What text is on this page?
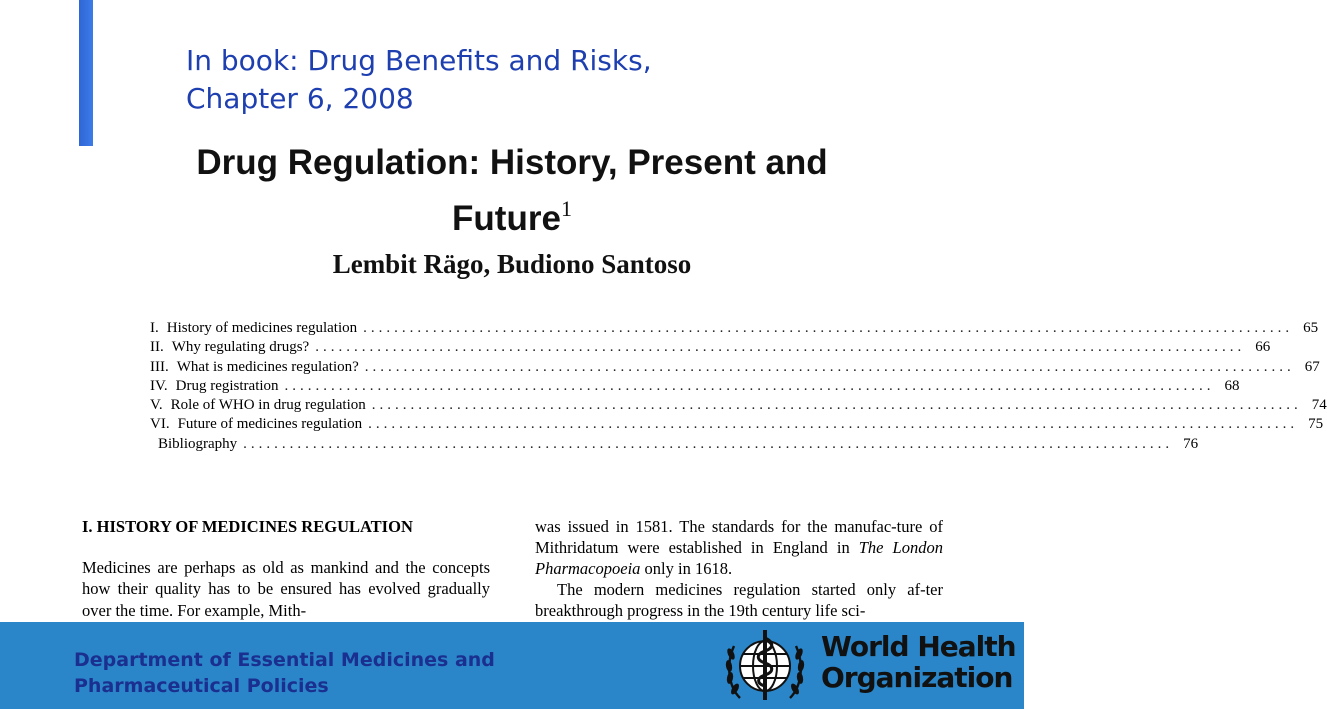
In book: Drug Benefits and Risks,
Chapter 6, 2008
Drug Regulation: History, Present and
Future$^1$
Lembit Rägo, Budiono Santoso
I. History of medicines regulation ........................................................................................................................ 65
II. Why regulating drugs? ........................................................................................................................ 66
III. What is medicines regulation? ........................................................................................................................ 67
IV. Drug registration ........................................................................................................................ 68
V. Role of WHO in drug regulation ........................................................................................................................ 74
VI. Future of medicines regulation ........................................................................................................................ 75
Bibliography ........................................................................................................................ 76
I. HISTORY OF MEDICINES REGULATION

Medicines are perhaps as old as mankind and the concepts how their quality has to be ensured has evolved gradually over the time. For example, Mith-

was issued in 1581. The standards for the manufac-ture of Mithridatum were established in England in The London Pharmacopoeia only in 1618.

The modern medicines regulation started only af-ter breakthrough progress in the 19th century life sci-

Department of Essential Medicines and
Pharmaceutical Policies
World Health
Organization
